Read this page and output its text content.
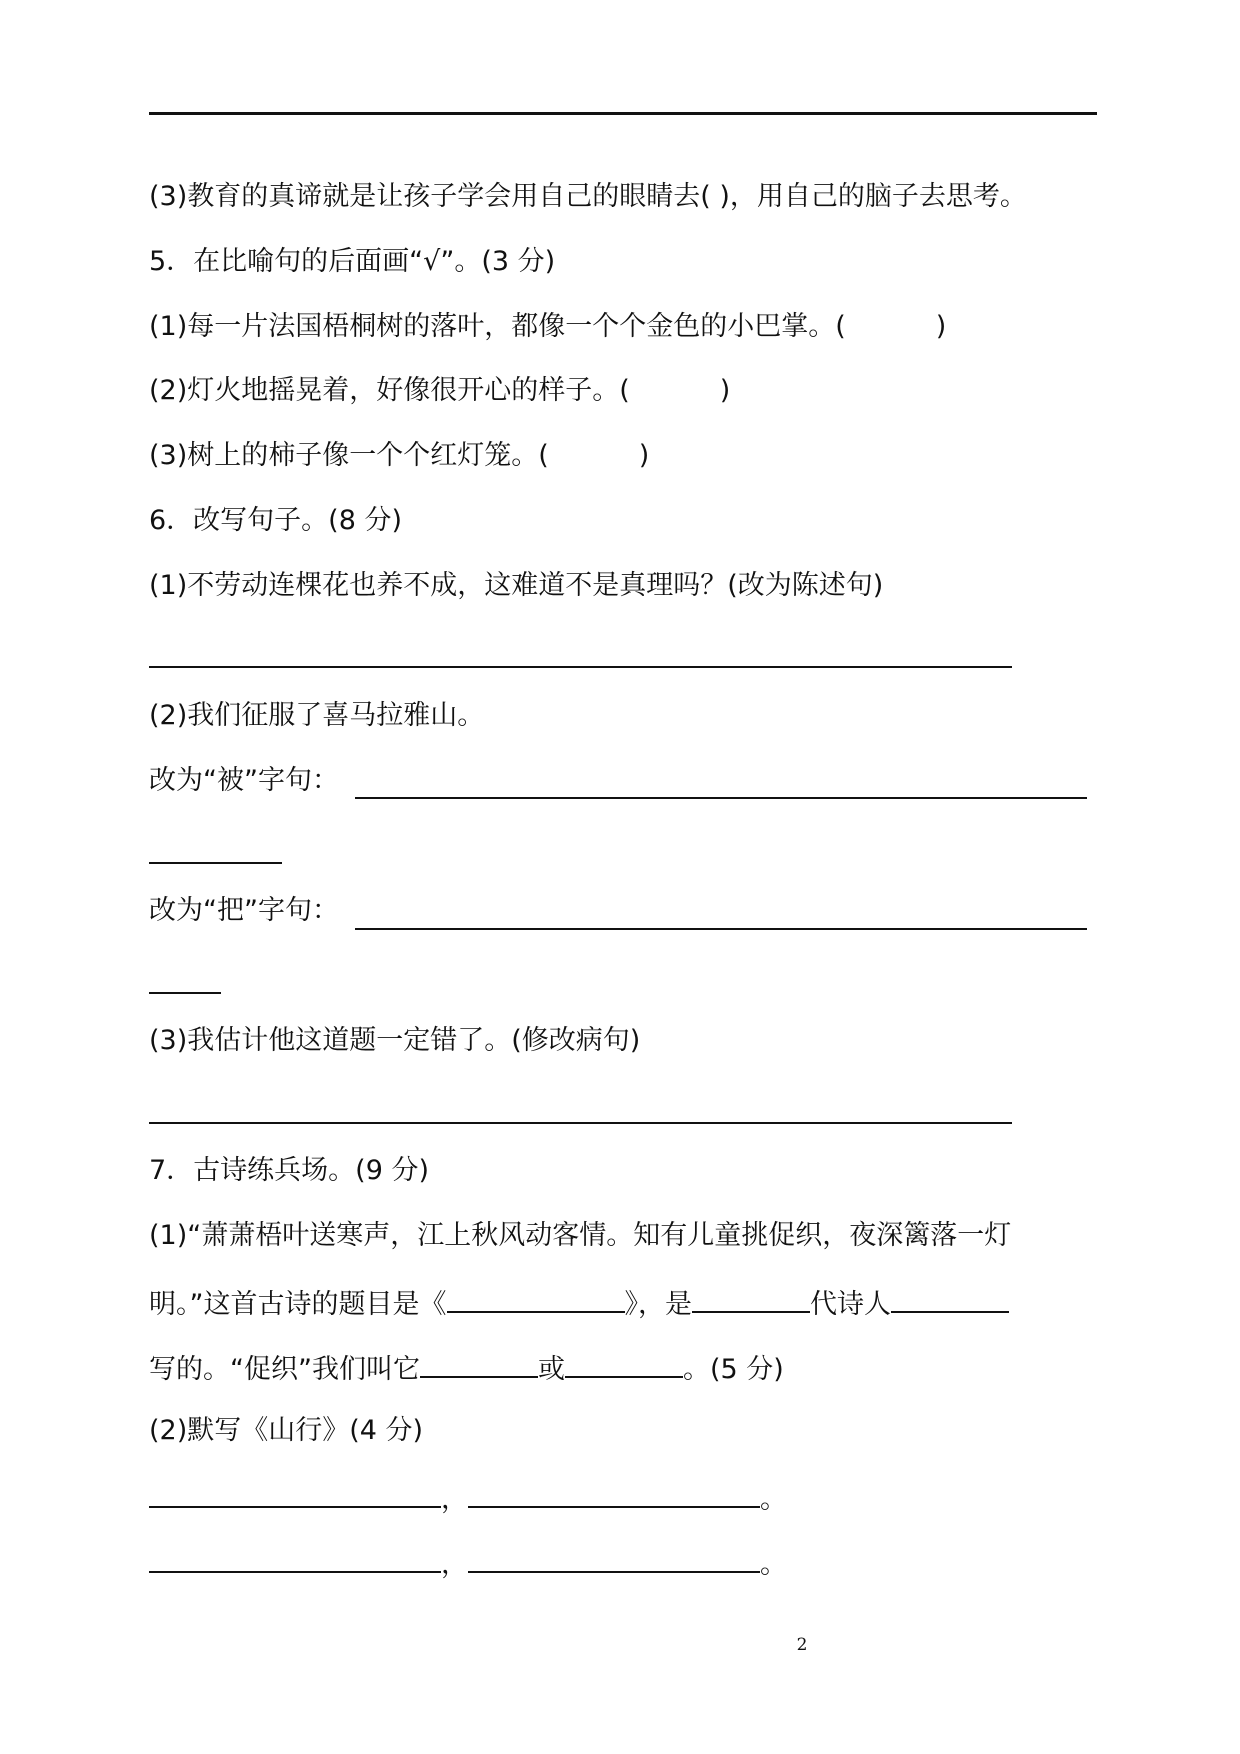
(3)教育的真谛就是让孩子学会用自己的眼睛去( )，用自己的脑子去思考。
5．在比喻句的后面画“√”。(3 分)
(1)每一片法国梧桐树的落叶，都像一个个金色的小巴掌。(	)
(2)灯火地摇晃着，好像很开心的样子。(	)
(3)树上的柿子像一个个红灯笼。(	)
6．改写句子。(8 分)
(1)不劳动连棵花也养不成，这难道不是真理吗？(改为陈述句)
(2)我们征服了喜马拉雅山。
改为“被”字句：
改为“把”字句：
(3)我估计他这道题一定错了。(修改病句)
7．古诗练兵场。(9 分)
(1)“萧萧梧叶送寒声，江上秋风动客情。知有儿童挑促织，夜深篱落一灯
明。”这首古诗的题目是《	》，是	代诗人
写的。“促织”我们叫它	或	。(5 分)
(2)默写《山行》(4 分)
，	。
，	。
2
